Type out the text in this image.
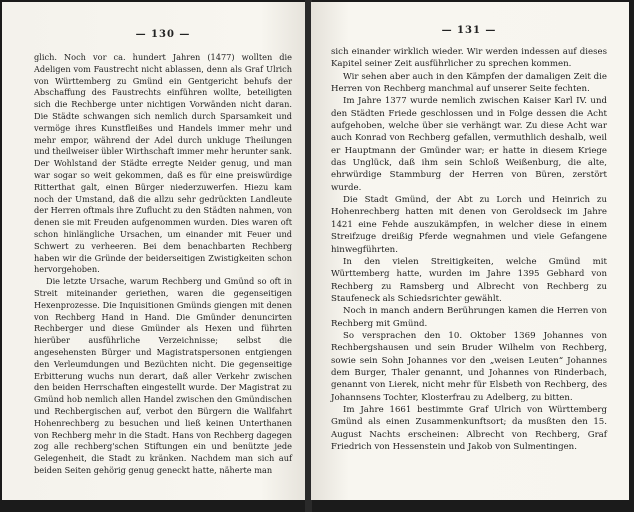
— 130 —

glich. Noch vor ca. hundert Jahren (1477) wollten die Adeligen vom Faustrecht nicht ablassen, denn als Graf Ulrich von Württemberg zu Gmünd ein Gentgericht behufs der Abschaffung des Faustrechts einführen wollte, beteiligten sich die Rechberge unter nichtigen Vorwänden nicht daran. Die Städte schwangen sich nemlich durch Sparsamkeit und vermöge ihres Kunstfleißes und Handels immer mehr und mehr empor, während der Adel durch unkluge Theilungen und theilweiser übler Wirthschaft immer mehr herunter sank. Der Wohlstand der Städte erregte Neider genug, und man war sogar so weit gekommen, daß es für eine preiswürdige Ritterthat galt, einen Bürger niederzuwerfen. Hiezu kam noch der Umstand, daß die allzu sehr gedrückten Landleute der Herren oftmals ihre Zuflucht zu den Städten nahmen, von denen sie mit Freuden aufgenommen wurden. Dies waren oft schon hinlängliche Ursachen, um einander mit Feuer und Schwert zu verheeren. Bei dem benachbarten Rechberg haben wir die Gründe der beiderseitigen Zwistigkeiten schon hervorgehoben.

Die letzte Ursache, warum Rechberg und Gmünd so oft in Streit miteinander geriethen, waren die gegenseitigen Hexenprozesse. Die Inquisitionen Gmünds giengen mit denen von Rechberg Hand in Hand. Die Gmünder denuncirten Rechberger und diese Gmünder als Hexen und führten hierüber ausführliche Verzeichnisse; selbst die angesehensten Bürger und Magistratspersonen entgiengen den Verleumdungen und Bezüchten nicht. Die gegenseitige Erbitterung wuchs nun derart, daß aller Verkehr zwischen den beiden Herrschaften eingestellt wurde. Der Magistrat zu Gmünd hob nemlich allen Handel zwischen den Gmündischen und Rechbergischen auf, verbot den Bürgern die Wallfahrt Hohenrechberg zu besuchen und ließ keinen Unterthanen von Rechberg mehr in die Stadt. Hans von Rechberg dagegen zog alle rechberg'schen Stiftungen ein und benützte jede Gelegenheit, die Stadt zu kränken. Nachdem man sich auf beiden Seiten gehörig genug geneckt hatte, näherte man

— 131 —

sich einander wirklich wieder. Wir werden indessen auf dieses Kapitel seiner Zeit ausführlicher zu sprechen kommen.

Wir sehen aber auch in den Kämpfen der damaligen Zeit die Herren von Rechberg manchmal auf unserer Seite fechten.

Im Jahre 1377 wurde nemlich zwischen Kaiser Karl IV. und den Städten Friede geschlossen und in Folge dessen die Acht aufgehoben, welche über sie verhängt war. Zu diese Acht war auch Konrad von Rechberg gefallen, vermuthlich deshalb, weil er Hauptmann der Gmünder war; er hatte in diesem Kriege das Unglück, daß ihm sein Schloß Weißenburg, die alte, ehrwürdige Stammburg der Herren von Büren, zerstört wurde.

Die Stadt Gmünd, der Abt zu Lorch und Heinrich zu Hohenrechberg hatten mit denen von Geroldseck im Jahre 1421 eine Fehde auszukämpfen, in welcher diese in einem Streifzuge dreißig Pferde wegnahmen und viele Gefangene hinwegführten.

In den vielen Streitigkeiten, welche Gmünd mit Württemberg hatte, wurden im Jahre 1395 Gebhard von Rechberg zu Ramsberg und Albrecht von Rechberg zu Staufeneck als Schiedsrichter gewählt.

Noch in manch andern Berührungen kamen die Herren von Rechberg mit Gmünd.

So versprachen den 10. Oktober 1369 Johannes von Rechbergshausen und sein Bruder Wilhelm von Rechberg, sowie sein Sohn Johannes vor den „weisen Leuten“ Johannes dem Burger, Thaler genannt, und Johannes von Rinderbach, genannt von Lierek, nicht mehr für Elsbeth von Rechberg, des Johannsens Tochter, Klosterfrau zu Adelberg, zu bitten.

Im Jahre 1661 bestimmte Graf Ulrich von Württemberg Gmünd als einen Zusammenkunftsort; da musßten den 15. August Nachts erscheinen: Albrecht von Rechberg, Graf Friedrich von Hessenstein und Jakob von Sulmentingen.
